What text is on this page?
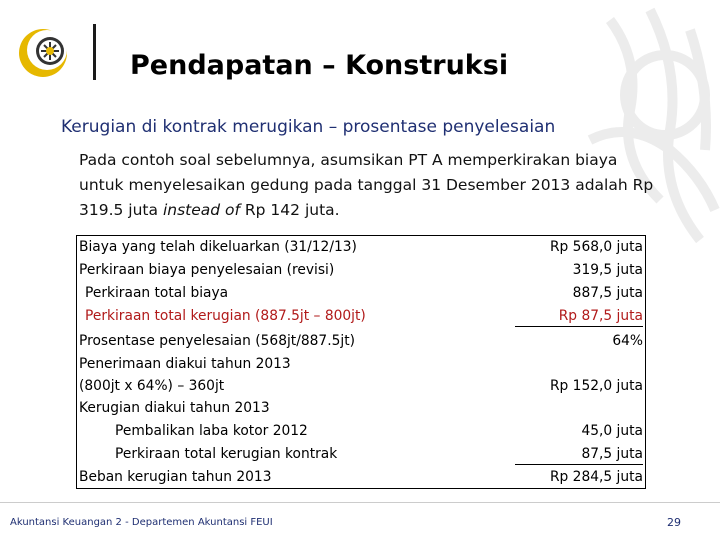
Pendapatan – Konstruksi
Kerugian di kontrak merugikan – prosentase penyelesaian

Pada contoh soal sebelumnya, asumsikan PT A memperkirakan biaya

untuk menyelesaikan gedung pada tanggal 31 Desember 2013 adalah Rp

319.5 juta instead of Rp 142 juta.

Biaya yang telah dikeluarkan (31/12/13)	Rp 568,0 juta
Perkiraan biaya penyelesaian (revisi)	319,5 juta
Perkiraan total biaya	887,5 juta
Perkiraan total kerugian (887.5jt – 800jt)	Rp 87,5 juta
Prosentase penyelesaian (568jt/887.5jt)	64%
Penerimaan diakui tahun 2013
(800jt x 64%) – 360jt	Rp 152,0 juta
Kerugian diakui tahun 2013
Pembalikan laba kotor 2012	45,0 juta
Perkiraan total kerugian kontrak	87,5 juta
Beban kerugian tahun 2013	Rp 284,5 juta
Akuntansi Keuangan 2 - Departemen Akuntansi FEUI	29
